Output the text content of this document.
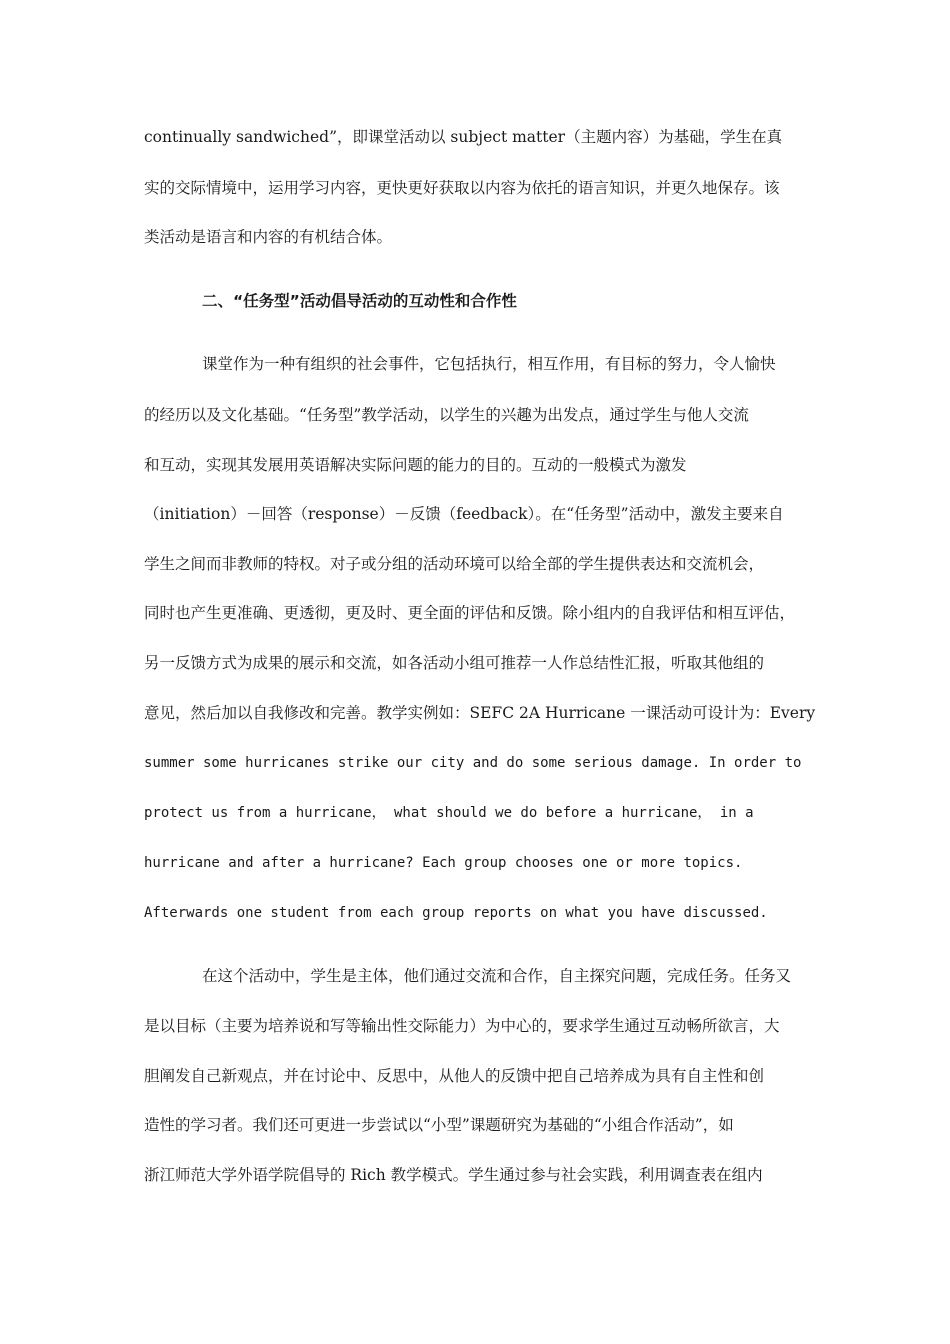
continually sandwiched”，即课堂活动以 subject matter（主题内容）为基础，学生在真
实的交际情境中，运用学习内容，更快更好获取以内容为依托的语言知识，并更久地保存。该
类活动是语言和内容的有机结合体。
二、“任务型”活动倡导活动的互动性和合作性
课堂作为一种有组织的社会事件，它包括执行，相互作用，有目标的努力，令人愉快
的经历以及文化基础。“任务型”教学活动，以学生的兴趣为出发点，通过学生与他人交流
和互动，实现其发展用英语解决实际问题的能力的目的。互动的一般模式为激发
（initiation）－回答（response）－反馈（feedback）。在“任务型”活动中，激发主要来自
学生之间而非教师的特权。对子或分组的活动环境可以给全部的学生提供表达和交流机会，
同时也产生更准确、更透彻，更及时、更全面的评估和反馈。除小组内的自我评估和相互评估，
另一反馈方式为成果的展示和交流，如各活动小组可推荐一人作总结性汇报，听取其他组的
意见，然后加以自我修改和完善。教学实例如：SEFC 2A Hurricane 一课活动可设计为：Every
summer some hurricanes strike our city and do some serious damage. In order to
protect us from a hurricane， what should we do before a hurricane， in a
hurricane and after a hurricane? Each group chooses one or more topics.
Afterwards one student from each group reports on what you have discussed.
在这个活动中，学生是主体，他们通过交流和合作，自主探究问题，完成任务。任务又
是以目标（主要为培养说和写等输出性交际能力）为中心的，要求学生通过互动畅所欲言，大
胆阐发自己新观点，并在讨论中、反思中，从他人的反馈中把自己培养成为具有自主性和创
造性的学习者。我们还可更进一步尝试以“小型”课题研究为基础的“小组合作活动”，如
浙江师范大学外语学院倡导的 Rich 教学模式。学生通过参与社会实践，利用调查表在组内
